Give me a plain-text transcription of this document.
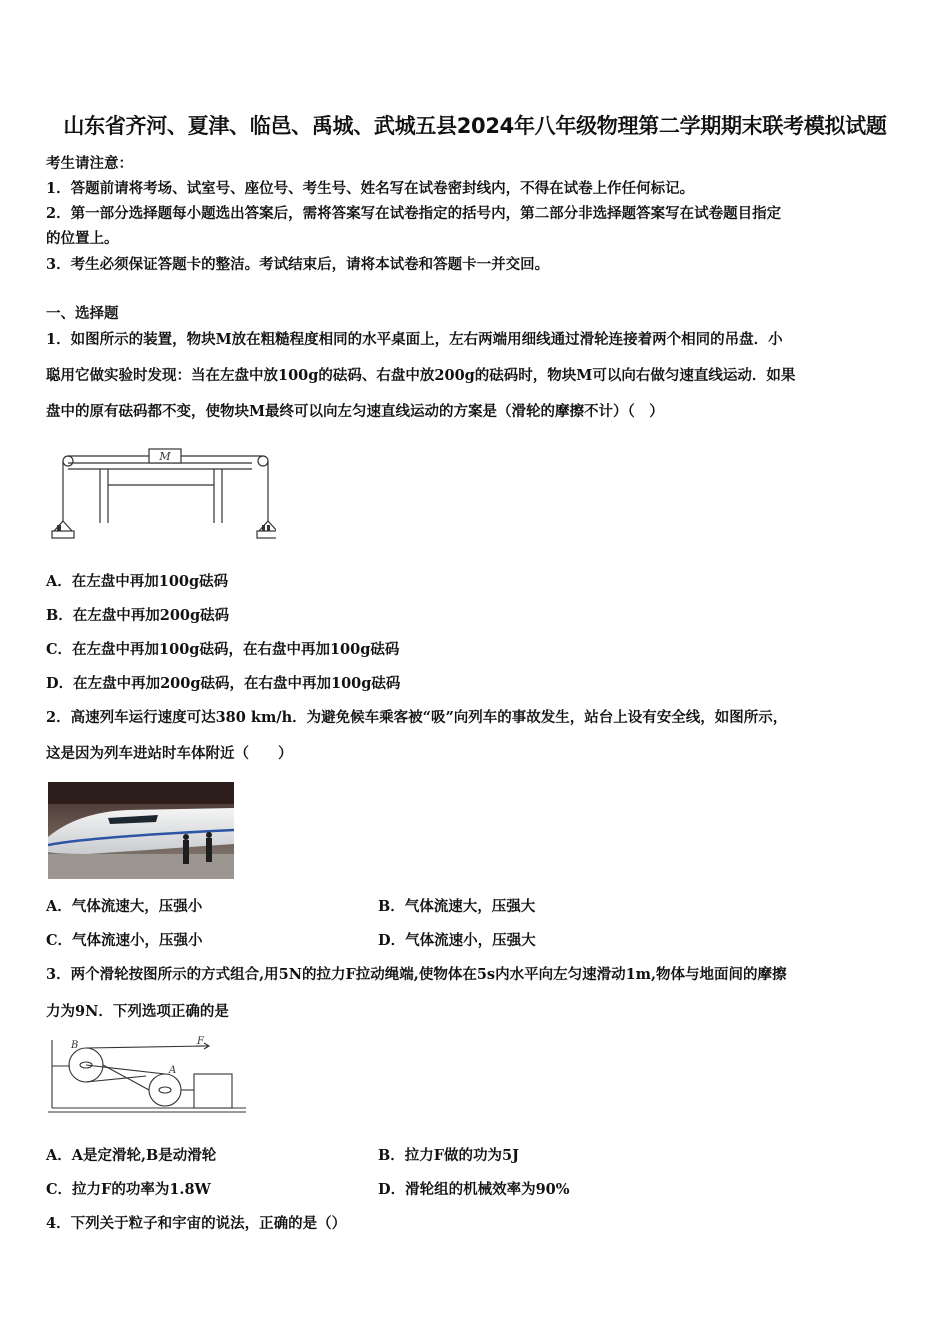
山东省齐河、夏津、临邑、禹城、武城五县2024年八年级物理第二学期期末联考模拟试题
考生请注意：
1．答题前请将考场、试室号、座位号、考生号、姓名写在试卷密封线内，不得在试卷上作任何标记。
2．第一部分选择题每小题选出答案后，需将答案写在试卷指定的括号内，第二部分非选择题答案写在试卷题目指定
的位置上。
3．考生必须保证答题卡的整洁。考试结束后，请将本试卷和答题卡一并交回。
一、选择题
1．如图所示的装置，物块M放在粗糙程度相同的水平桌面上，左右两端用细线通过滑轮连接着两个相同的吊盘．小
聪用它做实验时发现：当在左盘中放100g的砝码、右盘中放200g的砝码时，物块M可以向右做匀速直线运动．如果
盘中的原有砝码都不变，使物块M最终可以向左匀速直线运动的方案是（滑轮的摩擦不计）（　）
M
A．在左盘中再加100g砝码
B．在左盘中再加200g砝码
C．在左盘中再加100g砝码，在右盘中再加100g砝码
D．在左盘中再加200g砝码，在右盘中再加100g砝码
2．高速列车运行速度可达380 km/h．为避免候车乘客被“吸”向列车的事故发生，站台上设有安全线，如图所示，
这是因为列车进站时车体附近（　　）
A．气体流速大，压强小	B．气体流速大，压强大
C．气体流速小，压强小	D．气体流速小，压强大
3．两个滑轮按图所示的方式组合,用5N的拉力F拉动绳端,使物体在5s内水平向左匀速滑动1m,物体与地面间的摩擦
力为9N．下列选项正确的是
B
A
F
A．A是定滑轮,B是动滑轮	B．拉力F做的功为5J
C．拉力F的功率为1.8W	D．滑轮组的机械效率为90%
4．下列关于粒子和宇宙的说法，正确的是（）
